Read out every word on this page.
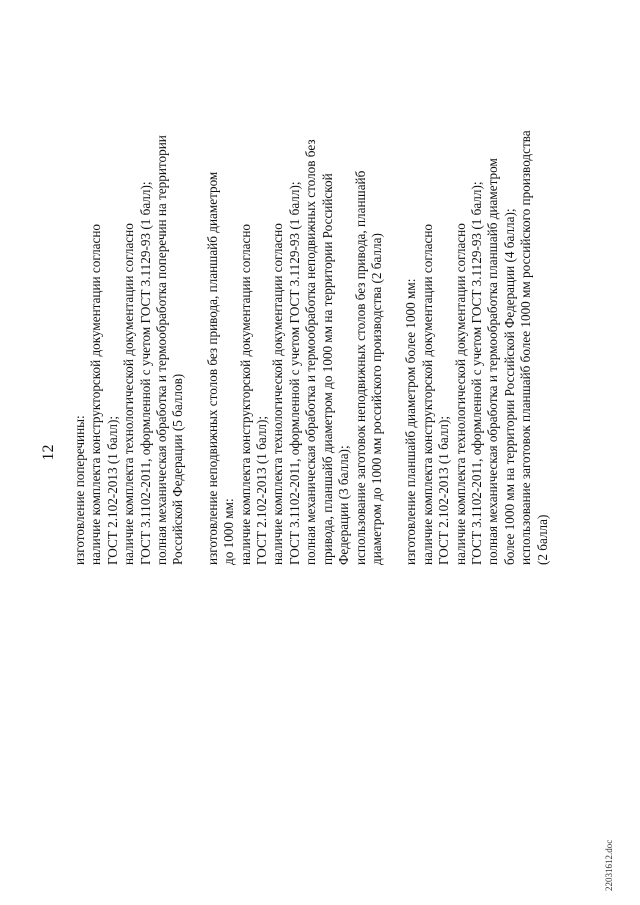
12 изготовление поперечины: наличие комплекта конструкторской документации согласно ГОСТ 2.102-2013 (1 балл); наличие комплекта технологической документации согласно ГОСТ 3.1102-2011, оформленной с учетом ГОСТ 3.1129-93 (1 балл); полная механическая обработка и термообработка поперечин на территории Российской Федерации (5 баллов) изготовление неподвижных столов без привода, планшайб диаметром до 1000 мм: наличие комплекта конструкторской документации согласно ГОСТ 2.102-2013 (1 балл); наличие комплекта технологической документации согласно ГОСТ 3.1102-2011, оформленной с учетом ГОСТ 3.1129-93 (1 балл); полная механическая обработка и термообработка неподвижных столов без привода, планшайб диаметром до 1000 мм на территории Российской Федерации (3 балла); использование заготовок неподвижных столов без привода, планшайб диаметром до 1000 мм российского производства (2 балла) изготовление планшайб диаметром более 1000 мм: наличие комплекта конструкторской документации согласно ГОСТ 2.102-2013 (1 балл); наличие комплекта технологической документации согласно ГОСТ 3.1102-2011, оформленной с учетом ГОСТ 3.1129-93 (1 балл); полная механическая обработка и термообработка планшайб диаметром более 1000 мм на территории Российской Федерации (4 балла); использование заготовок планшайб более 1000 мм российского производства (2 балла)
22031612.doc
